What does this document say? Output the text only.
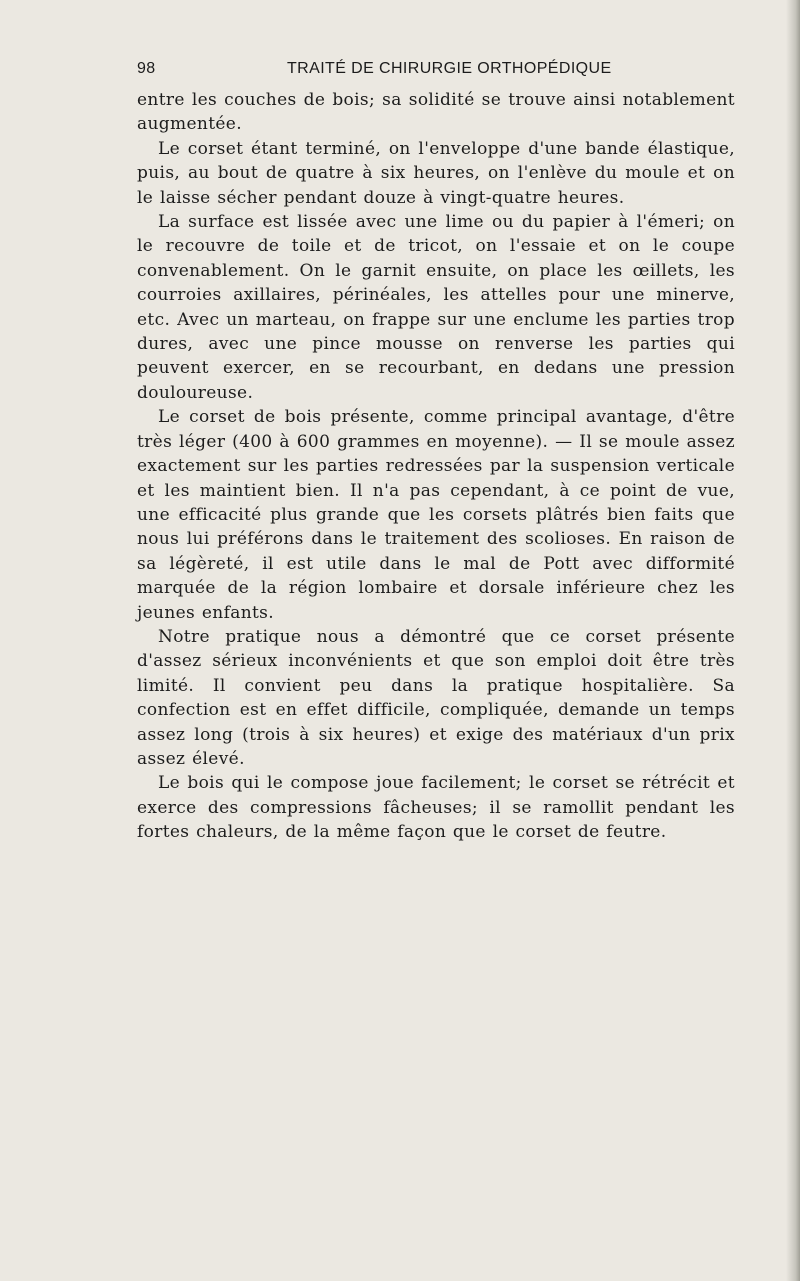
98	TRAITÉ DE CHIRURGIE ORTHOPÉDIQUE

entre les couches de bois; sa solidité se trouve ainsi notablement augmentée.

Le corset étant terminé, on l'enveloppe d'une bande élastique, puis, au bout de quatre à six heures, on l'enlève du moule et on le laisse sécher pendant douze à vingt-quatre heures.

La surface est lissée avec une lime ou du papier à l'émeri; on le recouvre de toile et de tricot, on l'essaie et on le coupe convenablement. On le garnit ensuite, on place les œillets, les courroies axillaires, périnéales, les attelles pour une minerve, etc. Avec un marteau, on frappe sur une enclume les parties trop dures, avec une pince mousse on renverse les parties qui peuvent exercer, en se recourbant, en dedans une pression douloureuse.

Le corset de bois présente, comme principal avantage, d'être très léger (400 à 600 grammes en moyenne). — Il se moule assez exactement sur les parties redressées par la suspension verticale et les maintient bien. Il n'a pas cependant, à ce point de vue, une efficacité plus grande que les corsets plâtrés bien faits que nous lui préférons dans le traitement des scolioses. En raison de sa légèreté, il est utile dans le mal de Pott avec difformité marquée de la région lombaire et dorsale inférieure chez les jeunes enfants.

Notre pratique nous a démontré que ce corset présente d'assez sérieux inconvénients et que son emploi doit être très limité. Il convient peu dans la pratique hospitalière. Sa confection est en effet difficile, compliquée, demande un temps assez long (trois à six heures) et exige des matériaux d'un prix assez élevé.

Le bois qui le compose joue facilement; le corset se rétrécit et exerce des compressions fâcheuses; il se ramollit pendant les fortes chaleurs, de la même façon que le corset de feutre.
